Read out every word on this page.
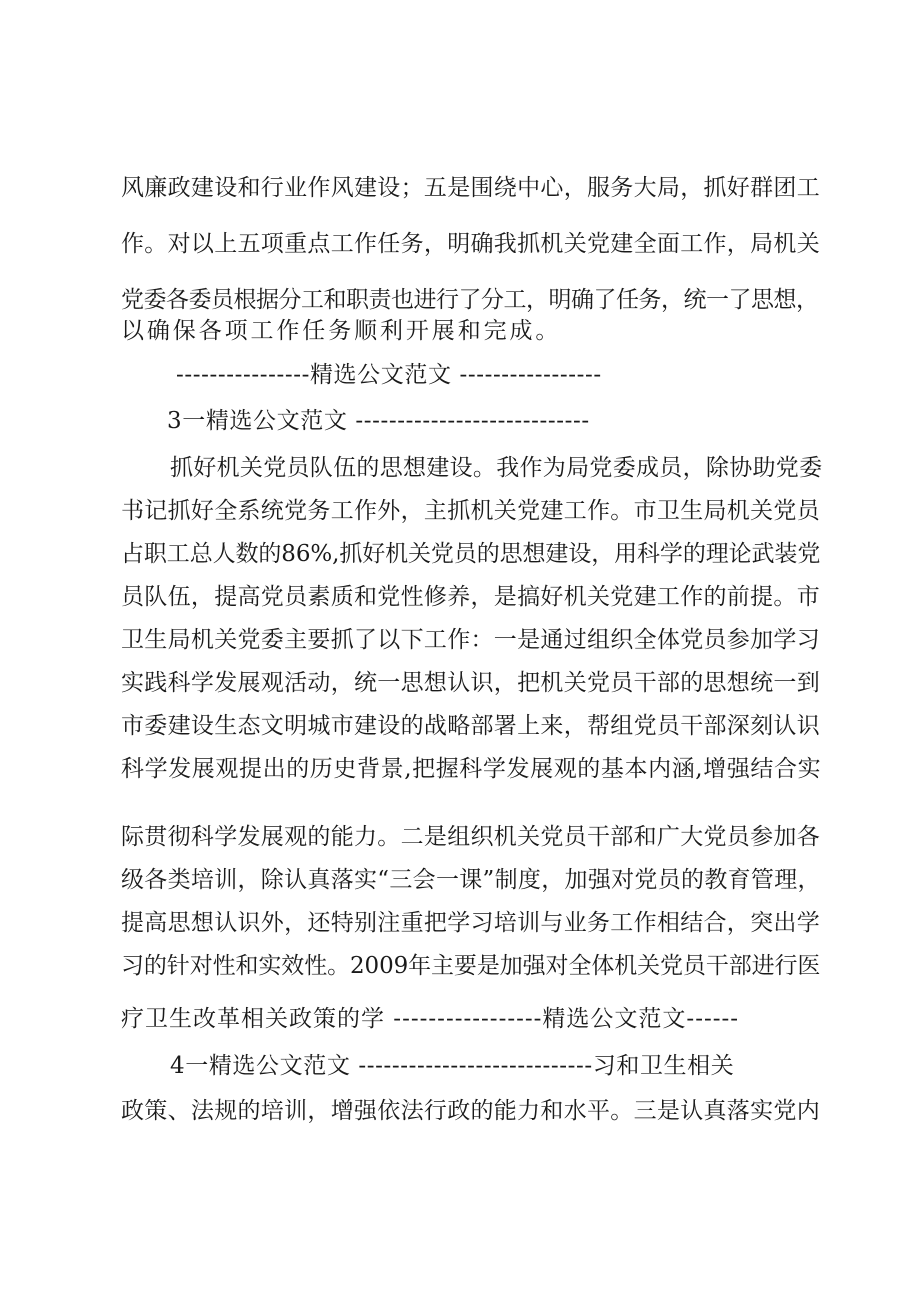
风廉政建设和行业作风建设；五是围绕中心，服务大局，抓好群团工
作。对以上五项重点工作任务，明确我抓机关党建全面工作，局机关
党委各委员根据分工和职责也进行了分工，明确了任务，统一了思想，
以确保各项工作任务顺利开展和完成。
----------------精选公文范文 -----------------
3一精选公文范文 ----------------------------
抓好机关党员队伍的思想建设。我作为局党委成员，除协助党委
书记抓好全系统党务工作外，主抓机关党建工作。市卫生局机关党员
占职工总人数的86%,抓好机关党员的思想建设，用科学的理论武装党
员队伍，提高党员素质和党性修养，是搞好机关党建工作的前提。市
卫生局机关党委主要抓了以下工作：一是通过组织全体党员参加学习
实践科学发展观活动，统一思想认识，把机关党员干部的思想统一到
市委建设生态文明城市建设的战略部署上来，帮组党员干部深刻认识
科学发展观提出的历史背景,把握科学发展观的基本内涵,增强结合实
际贯彻科学发展观的能力。二是组织机关党员干部和广大党员参加各
级各类培训，除认真落实“三会一课”制度，加强对党员的教育管理，
提高思想认识外，还特别注重把学习培训与业务工作相结合，突出学
习的针对性和实效性。2009年主要是加强对全体机关党员干部进行医
疗卫生改革相关政策的学 -----------------精选公文范文------
4一精选公文范文 ----------------------------习和卫生相关
政策、法规的培训，增强依法行政的能力和水平。三是认真落实党内
